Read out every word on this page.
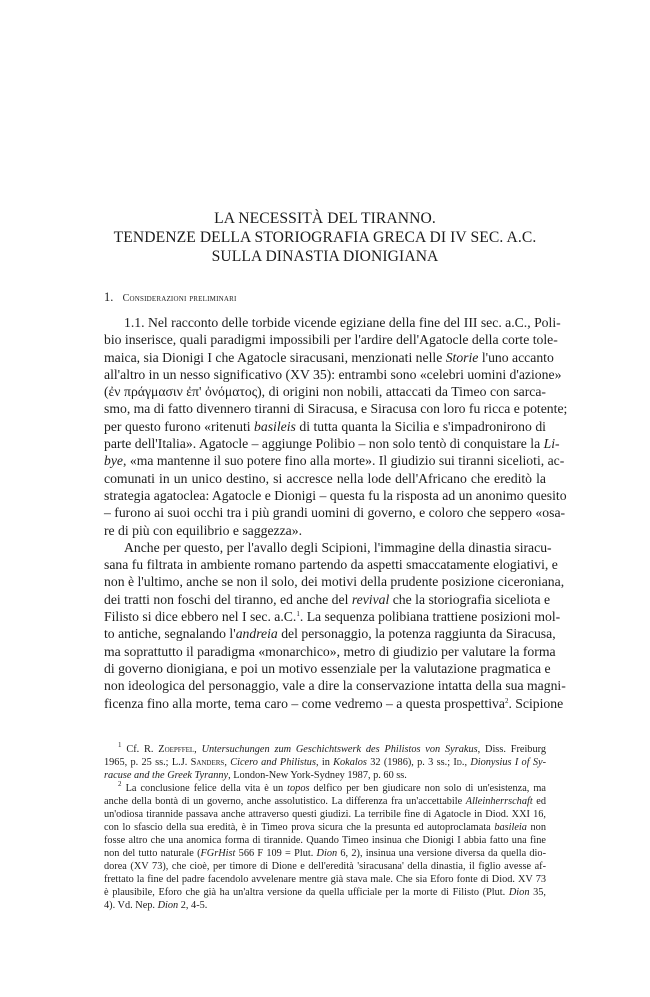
LA NECESSITÀ DEL TIRANNO.
TENDENZE DELLA STORIOGRAFIA GRECA DI IV SEC. A.C.
SULLA DINASTIA DIONIGIANA
1. Considerazioni preliminari
1.1. Nel racconto delle torbide vicende egiziane della fine del III sec. a.C., Poli-
bio inserisce, quali paradigmi impossibili per l'ardire dell'Agatocle della corte tole-
maica, sia Dionigi I che Agatocle siracusani, menzionati nelle Storie l'uno accanto
all'altro in un nesso significativo (XV 35): entrambi sono «celebri uomini d'azione»
(ἐν πράγμασιν ἐπ' ὀνόματος), di origini non nobili, attaccati da Timeo con sarca-
smo, ma di fatto divennero tiranni di Siracusa, e Siracusa con loro fu ricca e potente;
per questo furono «ritenuti basileis di tutta quanta la Sicilia e s'impadronirono di
parte dell'Italia». Agatocle – aggiunge Polibio – non solo tentò di conquistare la Li-
bye, «ma mantenne il suo potere fino alla morte». Il giudizio sui tiranni sicelioti, ac-
comunati in un unico destino, si accresce nella lode dell'Africano che ereditò la
strategia agatoclea: Agatocle e Dionigi – questa fu la risposta ad un anonimo quesito
– furono ai suoi occhi tra i più grandi uomini di governo, e coloro che seppero «osa-
re di più con equilibrio e saggezza».
Anche per questo, per l'avallo degli Scipioni, l'immagine della dinastia siracu-
sana fu filtrata in ambiente romano partendo da aspetti smaccatamente elogiativi, e
non è l'ultimo, anche se non il solo, dei motivi della prudente posizione ciceroniana,
dei tratti non foschi del tiranno, ed anche del revival che la storiografia siceliota e
Filisto si dice ebbero nel I sec. a.C.$^1$. La sequenza polibiana trattiene posizioni mol-
to antiche, segnalando l'andreia del personaggio, la potenza raggiunta da Siracusa,
ma soprattutto il paradigma «monarchico», metro di giudizio per valutare la forma
di governo dionigiana, e poi un motivo essenziale per la valutazione pragmatica e
non ideologica del personaggio, vale a dire la conservazione intatta della sua magni-
ficenza fino alla morte, tema caro – come vedremo – a questa prospettiva$^2$. Scipione
$^1$ Cf. R. Zoepffel, Untersuchungen zum Geschichtswerk des Philistos von Syrakus, Diss. Freiburg
1965, p. 25 ss.; L.J. Sanders, Cicero and Philistus, in Kokalos 32 (1986), p. 3 ss.; Id., Dionysius I of Sy-
racuse and the Greek Tyranny, London-New York-Sydney 1987, p. 60 ss.
$^2$ La conclusione felice della vita è un topos delfico per ben giudicare non solo di un'esistenza, ma
anche della bontà di un governo, anche assolutistico. La differenza fra un'accettabile Alleinherrschaft ed
un'odiosa tirannide passava anche attraverso questi giudizi. La terribile fine di Agatocle in Diod. XXI 16,
con lo sfascio della sua eredità, è in Timeo prova sicura che la presunta ed autoproclamata basileia non
fosse altro che una anomica forma di tirannide. Quando Timeo insinua che Dionigi I abbia fatto una fine
non del tutto naturale (FGrHist 566 F 109 = Plut. Dion 6, 2), insinua una versione diversa da quella dio-
dorea (XV 73), che cioè, per timore di Dione e dell'eredità 'siracusana' della dinastia, il figlio avesse af-
frettato la fine del padre facendolo avvelenare mentre già stava male. Che sia Eforo fonte di Diod. XV 73
è plausibile, Eforo che già ha un'altra versione da quella ufficiale per la morte di Filisto (Plut. Dion 35,
4). Vd. Nep. Dion 2, 4-5.
